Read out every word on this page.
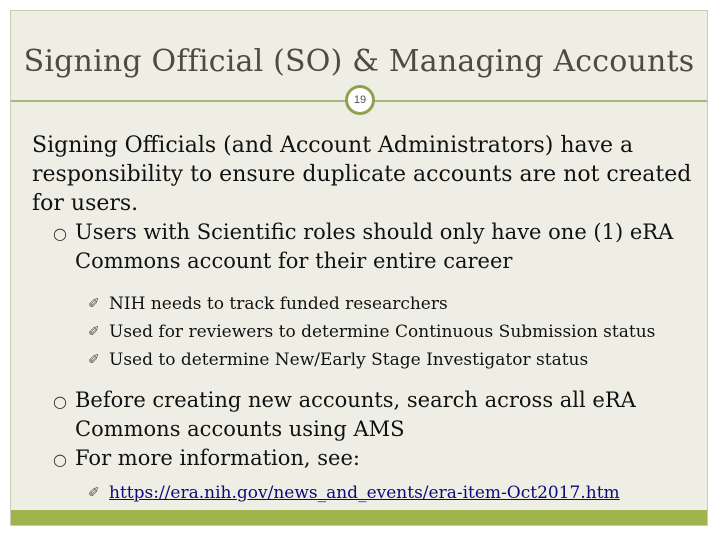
Signing Official (SO) & Managing Accounts
19

Signing Officials (and Account Administrators) have a responsibility to ensure duplicate accounts are not created for users.

○ Users with Scientific roles should only have one (1) eRA Commons account for their entire career

✐ NIH needs to track funded researchers

✐ Used for reviewers to determine Continuous Submission status

✐ Used to determine New/Early Stage Investigator status

○ Before creating new accounts, search across all eRA Commons accounts using AMS

○ For more information, see:

✐ https://era.nih.gov/news_and_events/era-item-Oct2017.htm
